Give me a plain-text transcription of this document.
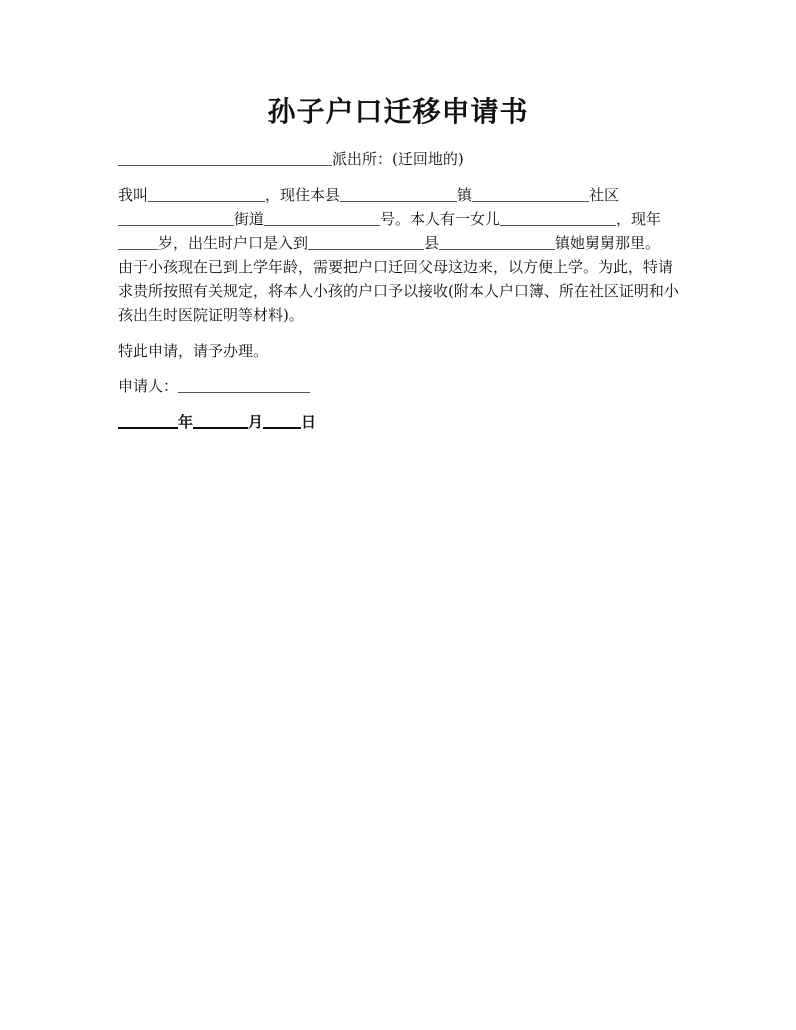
孙子户口迁移申请书
派出所：(迁回地的)
我叫	，现住本县	镇	社区
街道	号。本人有一女儿	，现年
岁，出生时户口是入到	县	镇她舅舅那里。
由于小孩现在已到上学年龄，需要把户口迁回父母这边来，以方便上学。为此，特请求贵所按照有关规定，将本人小孩的户口予以接收(附本人户口簿、所在社区证明和小孩出生时医院证明等材料)。
特此申请，请予办理。
申请人：
年	月	日
